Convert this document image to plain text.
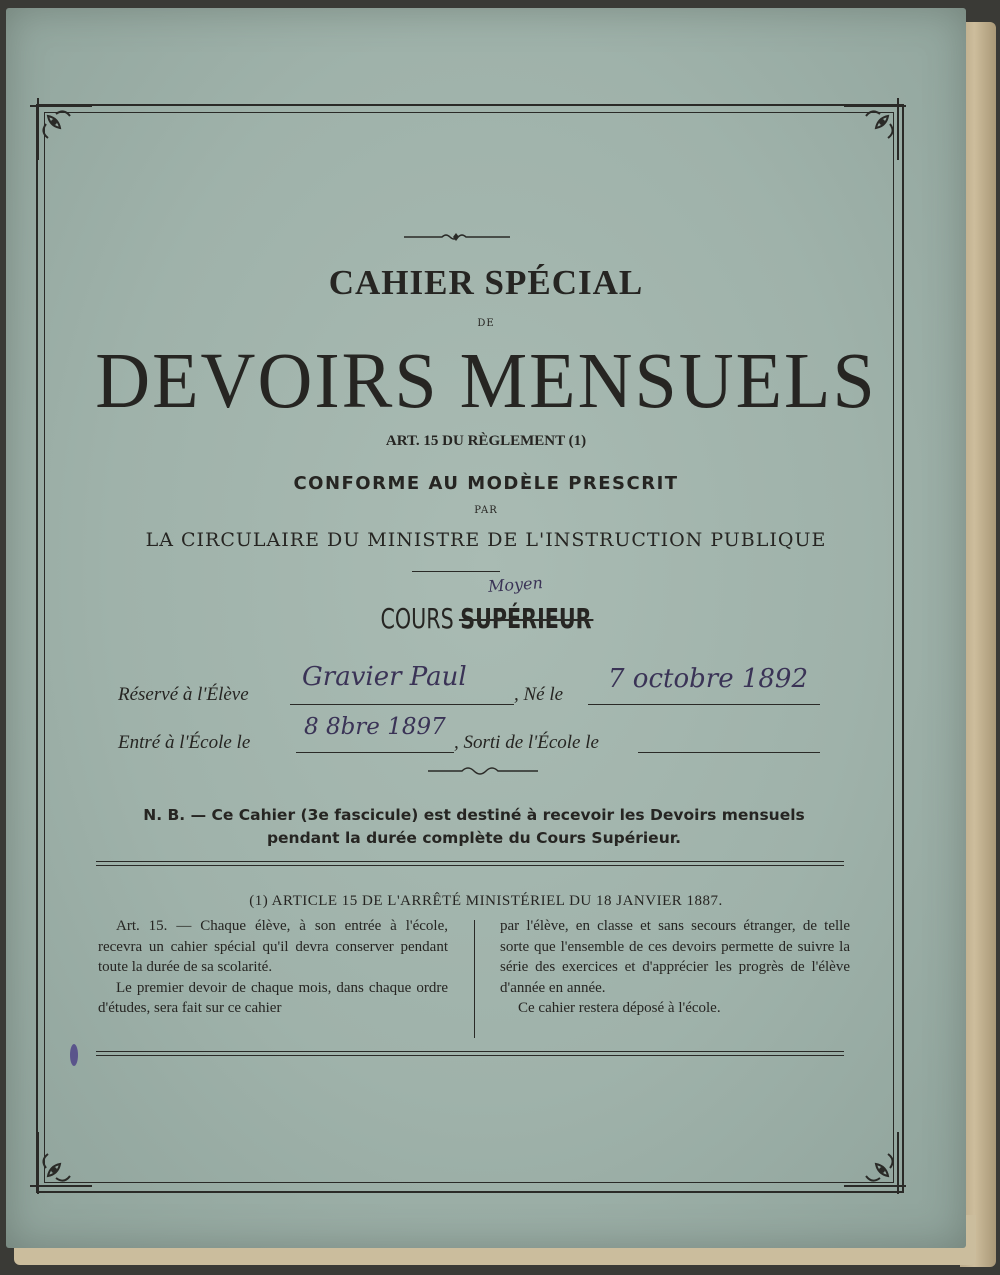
CAHIER SPÉCIAL
DE
DEVOIRS MENSUELS
ART. 15 DU RÈGLEMENT (1)
CONFORME AU MODÈLE PRESCRIT
PAR
LA CIRCULAIRE DU MINISTRE DE L'INSTRUCTION PUBLIQUE
Moyen
COURS SUPÉRIEUR
Réservé à l'Élève
Gravier Paul
, Né le
7 octobre 1892
Entré à l'École le
8 8bre 1897
, Sorti de l'École le
N. B. — Ce Cahier (3e fascicule) est destiné à recevoir les Devoirs mensuels
pendant la durée complète du Cours Supérieur.
(1) ARTICLE 15 DE L'ARRÊTÉ MINISTÉRIEL DU 18 JANVIER 1887.

Art. 15. — Chaque élève, à son entrée à l'école, recevra un cahier spécial qu'il devra conserver pendant toute la durée de sa scolarité.

Le premier devoir de chaque mois, dans chaque ordre d'études, sera fait sur ce cahier

par l'élève, en classe et sans secours étranger, de telle sorte que l'ensemble de ces devoirs permette de suivre la série des exercices et d'apprécier les progrès de l'élève d'année en année.

Ce cahier restera déposé à l'école.
